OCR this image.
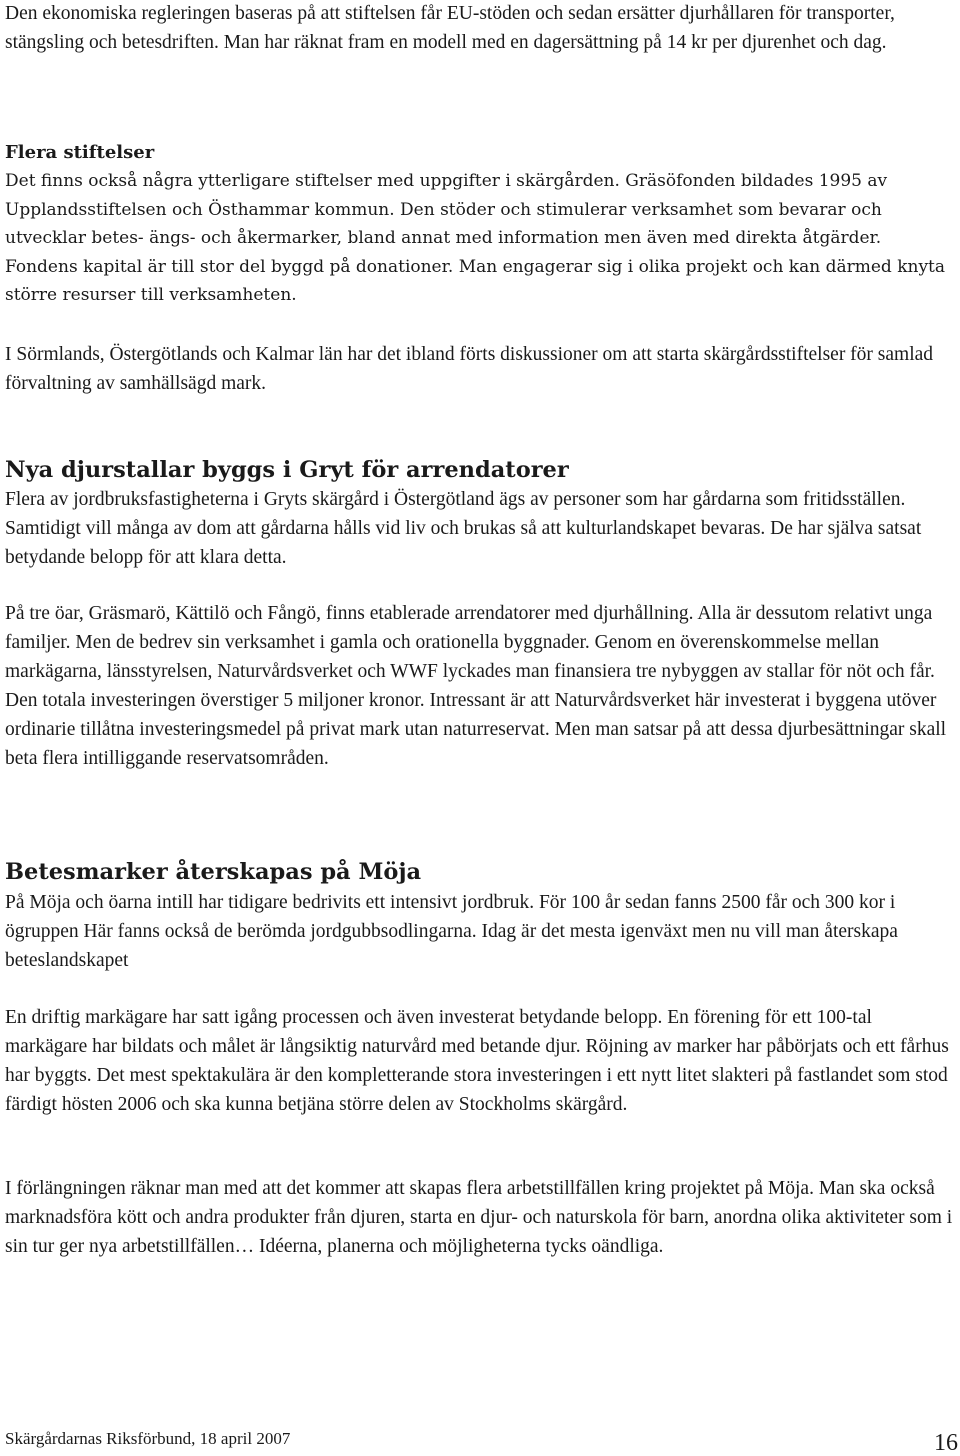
Den ekonomiska regleringen baseras på att stiftelsen får EU-stöden och sedan ersätter djurhållaren för transporter, stängsling och betesdriften. Man har räknat fram en modell med en dagersättning på 14 kr per djurenhet och dag.

Flera stiftelser

Det finns också några ytterligare stiftelser med uppgifter i skärgården. Gräsöfonden bildades 1995 av Upplandsstiftelsen och Östhammar kommun. Den stöder och stimulerar verksamhet som bevarar och utvecklar betes- ängs- och åkermarker, bland annat med information men även med direkta åtgärder. Fondens kapital är till stor del byggd på donationer. Man engagerar sig i olika projekt och kan därmed knyta större resurser till verksamheten.

I Sörmlands, Östergötlands och Kalmar län har det ibland förts diskussioner om att starta skärgårdsstiftelser för samlad förvaltning av samhällsägd mark.

Nya djurstallar byggs i Gryt för arrendatorer

Flera av jordbruksfastigheterna i Gryts skärgård i Östergötland ägs av personer som har gårdarna som fritidsställen. Samtidigt vill många av dom att gårdarna hålls vid liv och brukas så att kulturlandskapet bevaras. De har själva satsat betydande belopp för att klara detta.

På tre öar, Gräsmarö, Kättilö och Fångö, finns etablerade arrendatorer med djurhållning. Alla är dessutom relativt unga familjer. Men de bedrev sin verksamhet i gamla och orationella byggnader. Genom en överenskommelse mellan markägarna, länsstyrelsen, Naturvårdsverket och WWF lyckades man finansiera tre nybyggen av stallar för nöt och får. Den totala investeringen överstiger 5 miljoner kronor. Intressant är att Naturvårdsverket här investerat i byggena utöver ordinarie tillåtna investeringsmedel på privat mark utan naturreservat. Men man satsar på att dessa djurbesättningar skall beta flera intilliggande reservatsområden.

Betesmarker återskapas på Möja

På Möja och öarna intill har tidigare bedrivits ett intensivt jordbruk. För 100 år sedan fanns 2500 får och 300 kor i ögruppen Här fanns också de berömda jordgubbsodlingarna. Idag är det mesta igenväxt men nu vill man återskapa beteslandskapet

En driftig markägare har satt igång processen och även investerat betydande belopp. En förening för ett 100-tal markägare har bildats och målet är långsiktig naturvård med betande djur. Röjning av marker har påbörjats och ett fårhus har byggts. Det mest spektakulära är den kompletterande stora investeringen i ett nytt litet slakteri på fastlandet som stod färdigt hösten 2006 och ska kunna betjäna större delen av Stockholms skärgård.

I förlängningen räknar man med att det kommer att skapas flera arbetstillfällen kring projektet på Möja. Man ska också marknadsföra kött och andra produkter från djuren, starta en djur- och naturskola för barn, anordna olika aktiviteter som i sin tur ger nya arbetstillfällen… Idéerna, planerna och möjligheterna tycks oändliga.

Skärgårdarnas Riksförbund, 18 april 2007	16
